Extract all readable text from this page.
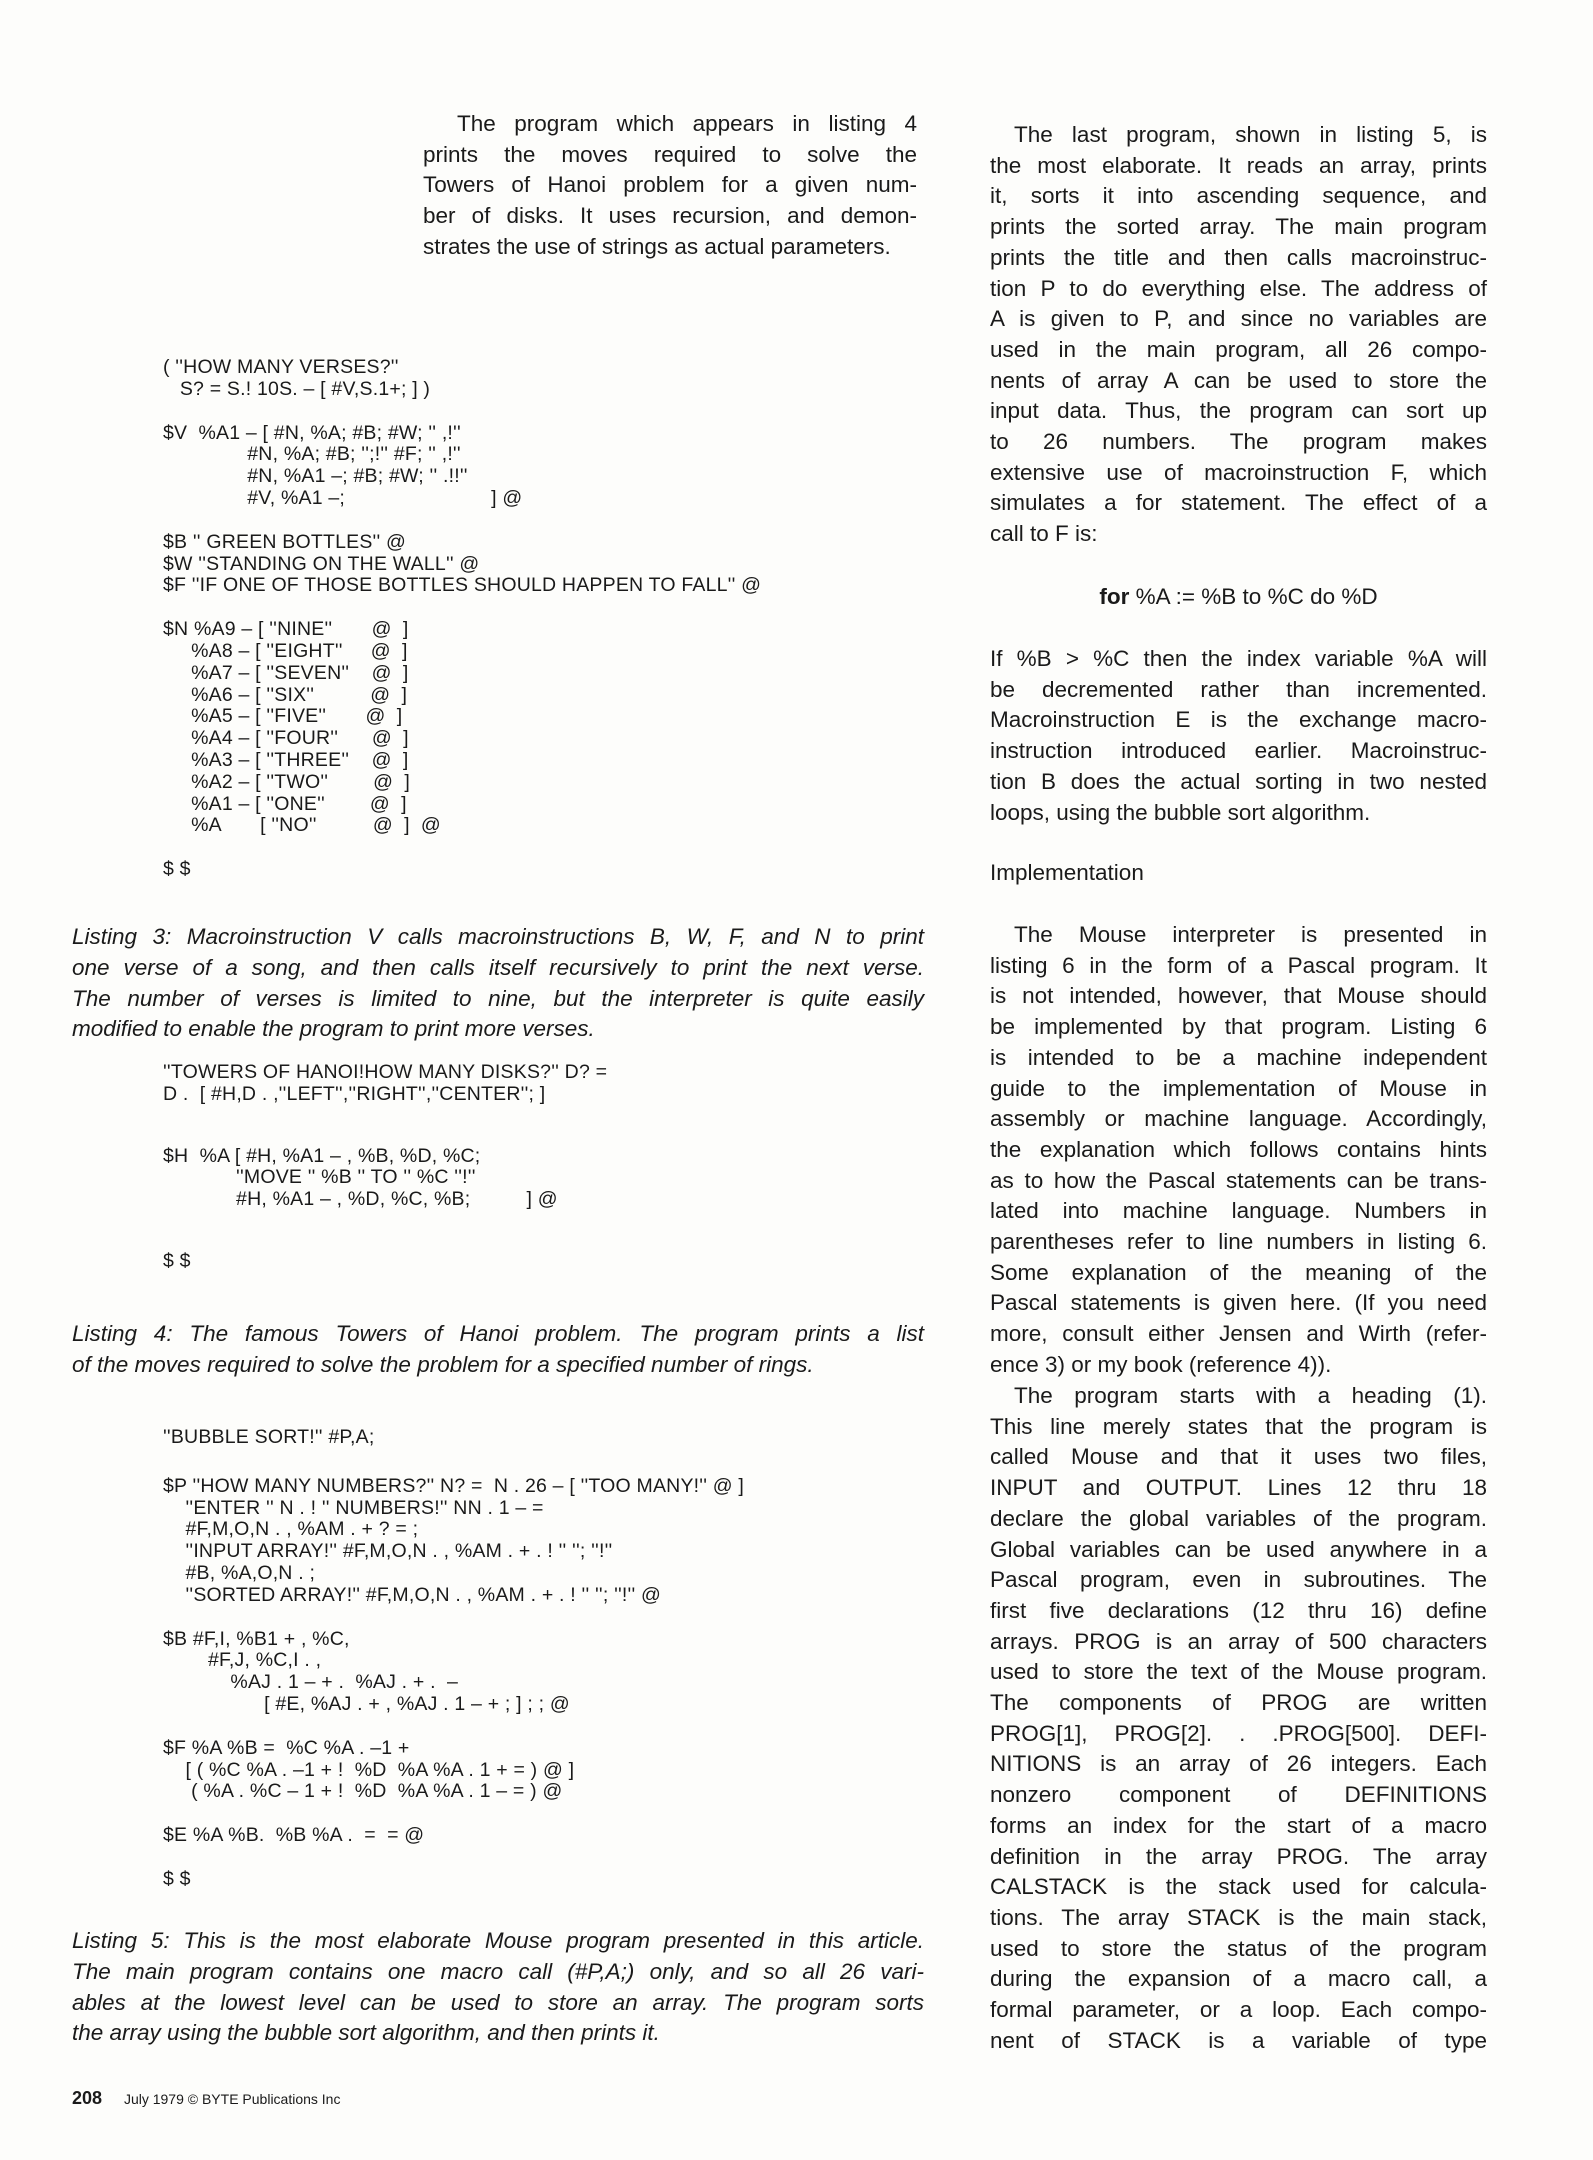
The program which appears in listing 4
prints the moves required to solve the
Towers of Hanoi problem for a given num-
ber of disks. It uses recursion, and demon-
strates the use of strings as actual parameters.
( ''HOW MANY VERSES?''
S? = S.! 10S. – [ #V,S.1+; ] )
$V  %A1 – [ #N, %A; #B; #W; '' ,!''
#N, %A; #B; '';!'' #F; '' ,!''
#N, %A1 –; #B; #W; '' .!!''
#V, %A1 –;                          ] @
$B '' GREEN BOTTLES'' @
$W ''STANDING ON THE WALL'' @
$F ''IF ONE OF THOSE BOTTLES SHOULD HAPPEN TO FALL'' @
$N %A9 – [ ''NINE''       @  ]
%A8 – [ ''EIGHT''     @  ]
%A7 – [ ''SEVEN''    @  ]
%A6 – [ ''SIX''          @  ]
%A5 – [ ''FIVE''       @  ]
%A4 – [ ''FOUR''      @  ]
%A3 – [ ''THREE''    @  ]
%A2 – [ ''TWO''        @  ]
%A1 – [ ''ONE''        @  ]
%A       [ ''NO''          @  ]  @
$ $
Listing 3: Macroinstruction V calls macroinstructions B, W, F, and N to print
one verse of a song, and then calls itself recursively to print the next verse.
The number of verses is limited to nine, but the interpreter is quite easily
modified to enable the program to print more verses.
''TOWERS OF HANOI!HOW MANY DISKS?'' D? =
D .  [ #H,D . ,''LEFT'',''RIGHT'',''CENTER''; ]
$H  %A [ #H, %A1 – , %B, %D, %C;
''MOVE '' %B '' TO '' %C ''!''
#H, %A1 – , %D, %C, %B;          ] @
$ $
Listing 4: The famous Towers of Hanoi problem. The program prints a list
of the moves required to solve the problem for a specified number of rings.
''BUBBLE SORT!'' #P,A;
$P ''HOW MANY NUMBERS?'' N? =  N . 26 – [ ''TOO MANY!'' @ ]
''ENTER '' N . ! '' NUMBERS!'' NN . 1 – =
#F,M,O,N . , %AM . + ? = ;
''INPUT ARRAY!'' #F,M,O,N . , %AM . + . ! '' ''; ''!''
#B, %A,O,N . ;
''SORTED ARRAY!'' #F,M,O,N . , %AM . + . ! '' ''; ''!'' @
$B #F,I, %B1 + , %C,
#F,J, %C,I . ,
%AJ . 1 – + .  %AJ . + .  –
[ #E, %AJ . + , %AJ . 1 – + ; ] ; ; @
$F %A %B =  %C %A . –1 +
[ ( %C %A . –1 + !  %D  %A %A . 1 + = ) @ ]
( %A . %C – 1 + !  %D  %A %A . 1 – = ) @
$E %A %B.  %B %A .  =  = @
$ $
Listing 5: This is the most elaborate Mouse program presented in this article.
The main program contains one macro call (#P,A;) only, and so all 26 vari-
ables at the lowest level can be used to store an array. The program sorts
the array using the bubble sort algorithm, and then prints it.
208 July 1979 © BYTE Publications Inc
The last program, shown in listing 5, is
the most elaborate. It reads an array, prints
it, sorts it into ascending sequence, and
prints the sorted array. The main program
prints the title and then calls macroinstruc-
tion P to do everything else. The address of
A is given to P, and since no variables are
used in the main program, all 26 compo-
nents of array A can be used to store the
input data. Thus, the program can sort up
to 26 numbers. The program makes
extensive use of macroinstruction F, which
simulates a for statement. The effect of a
call to F is:
for %A := %B to %C do %D
If %B > %C then the index variable %A will
be decremented rather than incremented.
Macroinstruction E is the exchange macro-
instruction introduced earlier. Macroinstruc-
tion B does the actual sorting in two nested
loops, using the bubble sort algorithm.
Implementation
The Mouse interpreter is presented in
listing 6 in the form of a Pascal program. It
is not intended, however, that Mouse should
be implemented by that program. Listing 6
is intended to be a machine independent
guide to the implementation of Mouse in
assembly or machine language. Accordingly,
the explanation which follows contains hints
as to how the Pascal statements can be trans-
lated into machine language. Numbers in
parentheses refer to line numbers in listing 6.
Some explanation of the meaning of the
Pascal statements is given here. (If you need
more, consult either Jensen and Wirth (refer-
ence 3) or my book (reference 4)).
The program starts with a heading (1).
This line merely states that the program is
called Mouse and that it uses two files,
INPUT and OUTPUT. Lines 12 thru 18
declare the global variables of the program.
Global variables can be used anywhere in a
Pascal program, even in subroutines. The
first five declarations (12 thru 16) define
arrays. PROG is an array of 500 characters
used to store the text of the Mouse program.
The components of PROG are written
PROG[1], PROG[2]. . .PROG[500]. DEFI-
NITIONS is an array of 26 integers. Each
nonzero component of DEFINITIONS
forms an index for the start of a macro
definition in the array PROG. The array
CALSTACK is the stack used for calcula-
tions. The array STACK is the main stack,
used to store the status of the program
during the expansion of a macro call, a
formal parameter, or a loop. Each compo-
nent of STACK is a variable of type
